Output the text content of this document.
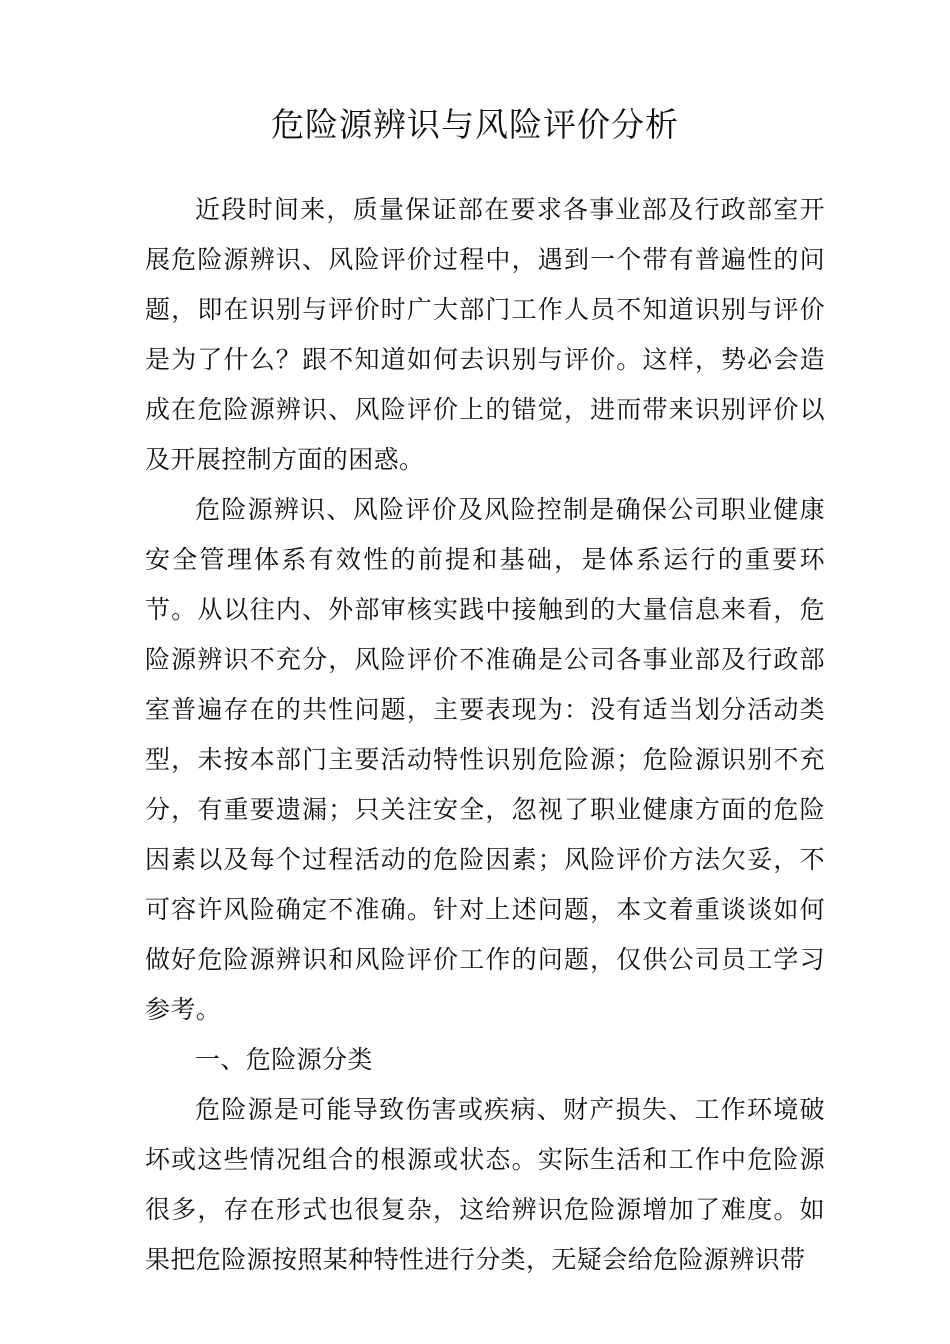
危险源辨识与风险评价分析

近段时间来，质量保证部在要求各事业部及行政部室开展危险源辨识、风险评价过程中，遇到一个带有普遍性的问题，即在识别与评价时广大部门工作人员不知道识别与评价是为了什么？跟不知道如何去识别与评价。这样，势必会造成在危险源辨识、风险评价上的错觉，进而带来识别评价以及开展控制方面的困惑。

危险源辨识、风险评价及风险控制是确保公司职业健康安全管理体系有效性的前提和基础，是体系运行的重要环节。从以往内、外部审核实践中接触到的大量信息来看，危险源辨识不充分，风险评价不准确是公司各事业部及行政部室普遍存在的共性问题，主要表现为：没有适当划分活动类型，未按本部门主要活动特性识别危险源；危险源识别不充分，有重要遗漏；只关注安全，忽视了职业健康方面的危险因素以及每个过程活动的危险因素；风险评价方法欠妥，不可容许风险确定不准确。针对上述问题，本文着重谈谈如何做好危险源辨识和风险评价工作的问题，仅供公司员工学习参考。

一、危险源分类

危险源是可能导致伤害或疾病、财产损失、工作环境破坏或这些情况组合的根源或状态。实际生活和工作中危险源很多，存在形式也很复杂，这给辨识危险源增加了难度。如果把危险源按照某种特性进行分类，无疑会给危险源辨识带
